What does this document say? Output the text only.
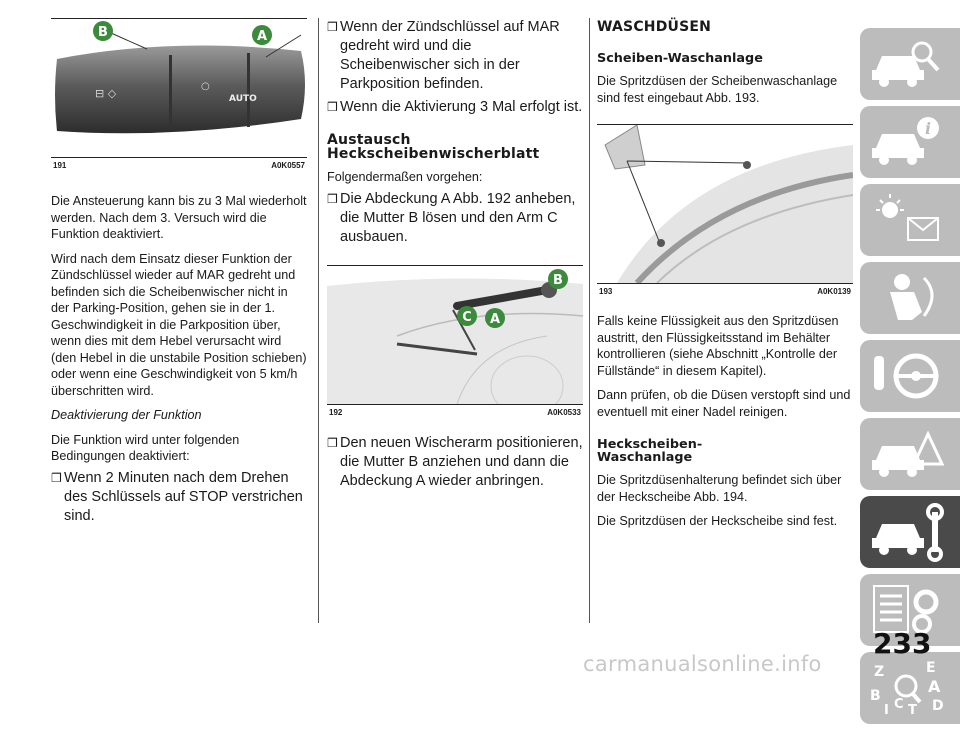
⊟ ◇
○
AUTO
B	A
191	A0K0557

Die Ansteuerung kann bis zu 3 Mal wiederholt werden. Nach dem 3. Versuch wird die Funktion deaktiviert.

Wird nach dem Einsatz dieser Funktion der Zündschlüssel wieder auf MAR gedreht und befinden sich die Scheibenwischer nicht in der Parking-Position, gehen sie in der 1. Geschwindigkeit in die Parkposition über, wenn dies mit dem Hebel verursacht wird (den Hebel in die unstabile Position schieben) oder wenn eine Geschwindigkeit von 5 km/h überschritten wird.

Deaktivierung der Funktion

Die Funktion wird unter folgenden Bedingungen deaktiviert:

❒ Wenn 2 Minuten nach dem Drehen des Schlüssels auf STOP verstrichen sind.
❒ Wenn der Zündschlüssel auf MAR gedreht wird und die Scheibenwischer sich in der Parkposition befinden.
❒ Wenn die Aktivierung 3 Mal erfolgt ist.
Austausch
Heckscheibenwischerblatt

Folgendermaßen vorgehen:

❒ Die Abdeckung A Abb. 192 anheben, die Mutter B lösen und den Arm C ausbauen.
B
C A
192	A0K0533
❒ Den neuen Wischerarm positionieren, die Mutter B anziehen und dann die Abdeckung A wieder anbringen.
WASCHDÜSEN
Scheiben-Waschanlage

Die Spritzdüsen der Scheibenwaschanlage sind fest eingebaut Abb. 193.

193	A0K0139

Falls keine Flüssigkeit aus den Spritzdüsen austritt, den Flüssigkeitsstand im Behälter kontrollieren (siehe Abschnitt „Kontrolle der Füllstände“ in diesem Kapitel).

Dann prüfen, ob die Düsen verstopft sind und eventuell mit einer Nadel reinigen.

Heckscheiben-
Waschanlage

Die Spritzdüsenhalterung befindet sich über der Heckscheibe Abb. 194.

Die Spritzdüsen der Heckscheibe sind fest.

i
Z	E
B	A
C T D
I
233
carmanualsonline.info
